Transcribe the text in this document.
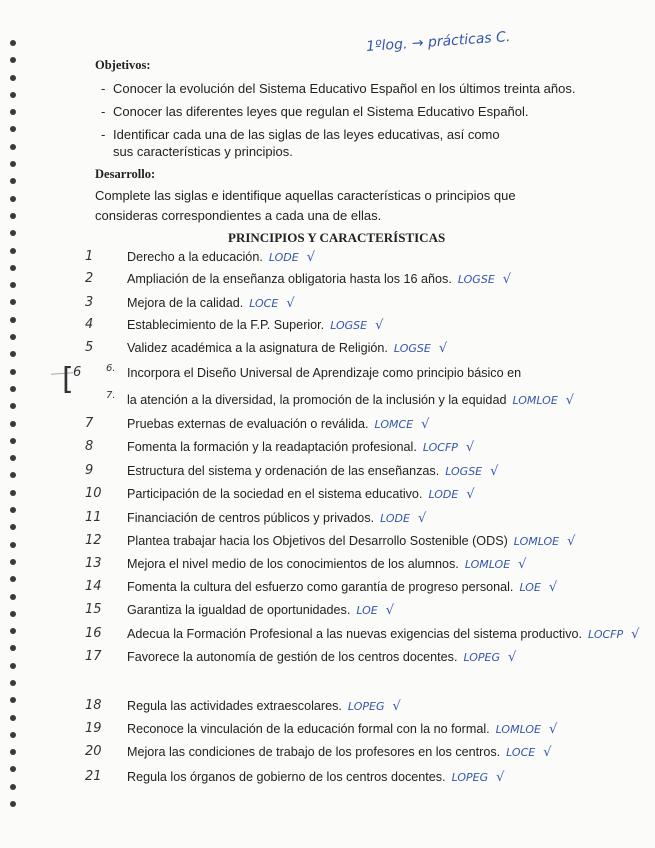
1ºlog. → prácticas C.
Objetivos:
- Conocer la evolución del Sistema Educativo Español en los últimos treinta años.
- Conocer las diferentes leyes que regulan el Sistema Educativo Español.
- Identificar cada una de las siglas de las leyes educativas, así como sus características y principios.
Desarrollo:
Complete las siglas e identifique aquellas características o principios que consideras correspondientes a cada una de ellas.
PRINCIPIOS Y CARACTERÍSTICAS
[	6.
7.
1	Derecho a la educación. LODE √
2	Ampliación de la enseñanza obligatoria hasta los 16 años. LOGSE √
3	Mejora de la calidad. LOCE √
4	Establecimiento de la F.P. Superior. LOGSE √
5	Validez académica a la asignatura de Religión. LOGSE √
6	Incorpora el Diseño Universal de Aprendizaje como principio básico en
la atención a la diversidad, la promoción de la inclusión y la equidad LOMLOE √
7	Pruebas externas de evaluación o reválida. LOMCE √
8	Fomenta la formación y la readaptación profesional. LOCFP √
9	Estructura del sistema y ordenación de las enseñanzas. LOGSE √
10	Participación de la sociedad en el sistema educativo. LODE √
11	Financiación de centros públicos y privados. LODE √
12	Plantea trabajar hacia los Objetivos del Desarrollo Sostenible (ODS) LOMLOE √
13	Mejora el nivel medio de los conocimientos de los alumnos. LOMLOE √
14	Fomenta la cultura del esfuerzo como garantía de progreso personal. LOE √
15	Garantiza la igualdad de oportunidades. LOE √
16	Adecua la Formación Profesional a las nuevas exigencias del sistema productivo. LOCFP √
17	Favorece la autonomía de gestión de los centros docentes. LOPEG √
18	Regula las actividades extraescolares. LOPEG √
19	Reconoce la vinculación de la educación formal con la no formal. LOMLOE √
20	Mejora las condiciones de trabajo de los profesores en los centros. LOCE √
21	Regula los órganos de gobierno de los centros docentes. LOPEG √
